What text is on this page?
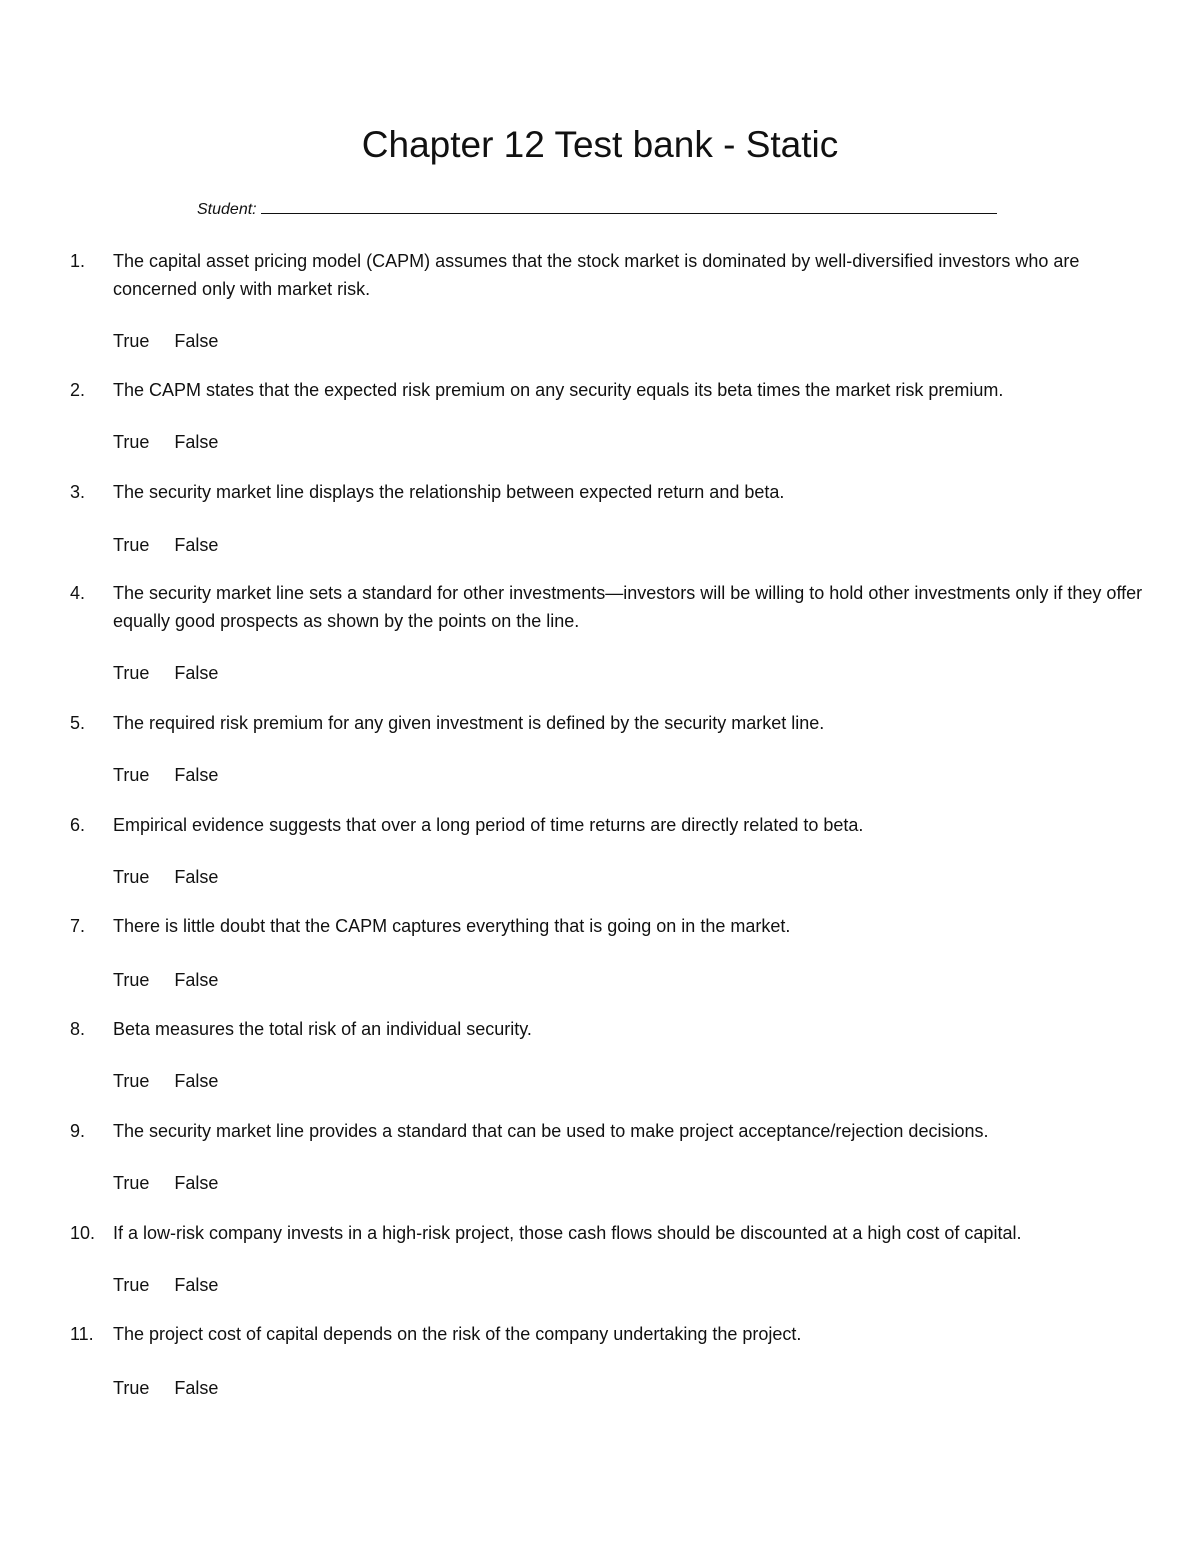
Chapter 12 Test bank - Static
Student:
1.	The capital asset pricing model (CAPM) assumes that the stock market is dominated by well-diversified investors who are concerned only with market risk.
True False
2.	The CAPM states that the expected risk premium on any security equals its beta times the market risk premium.
True False
3.	The security market line displays the relationship between expected return and beta.
True False
4.	The security market line sets a standard for other investments—investors will be willing to hold other investments only if they offer equally good prospects as shown by the points on the line.
True False
5.	The required risk premium for any given investment is defined by the security market line.
True False
6.	Empirical evidence suggests that over a long period of time returns are directly related to beta.
True False
7.	There is little doubt that the CAPM captures everything that is going on in the market.
True False
8.	Beta measures the total risk of an individual security.
True False
9.	The security market line provides a standard that can be used to make project acceptance/rejection decisions.
True False
10. If a low-risk company invests in a high-risk project, those cash flows should be discounted at a high cost of capital.
True False
11.	The project cost of capital depends on the risk of the company undertaking the project.
True False
